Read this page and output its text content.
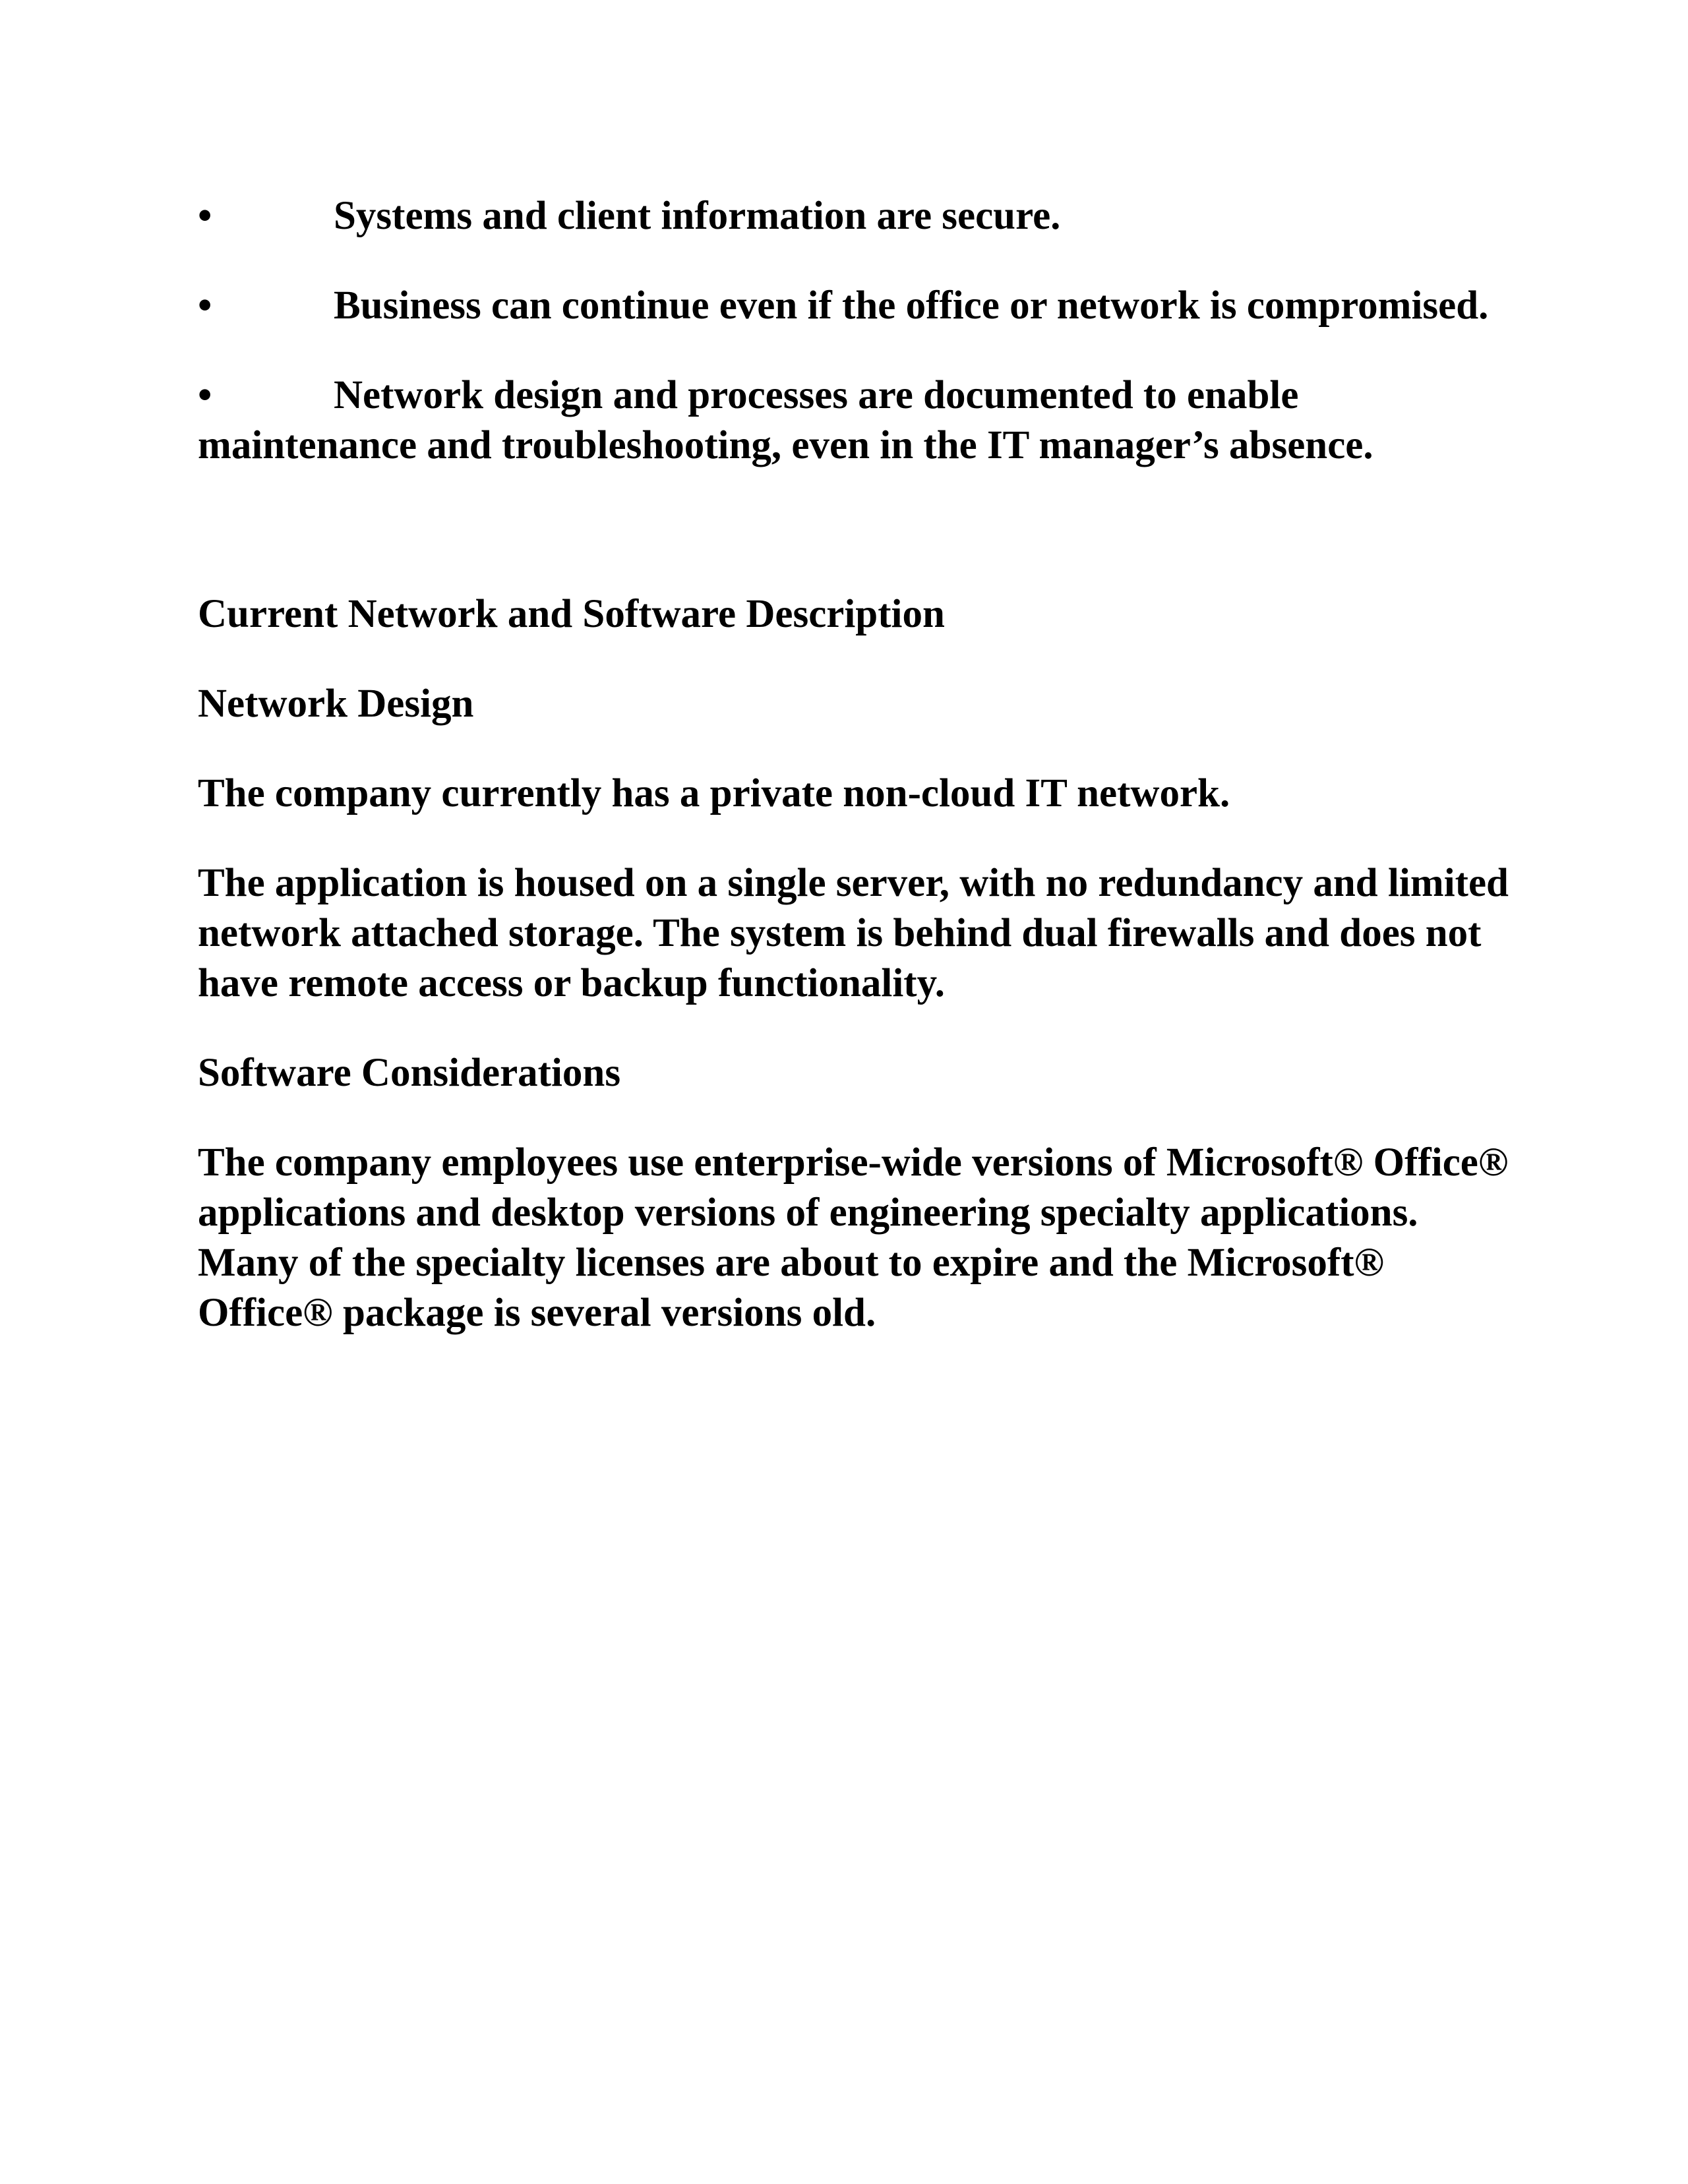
•	Systems and client information are secure.

•	Business can continue even if the office or network is compromised.

•	Network design and processes are documented to enable maintenance and troubleshooting, even in the IT manager’s absence.

Current Network and Software Description

Network Design

The company currently has a private non-cloud IT network.

The application is housed on a single server, with no redundancy and limited network attached storage. The system is behind dual firewalls and does not have remote access or backup functionality.

Software Considerations

The company employees use enterprise-wide versions of Microsoft® Office® applications and desktop versions of engineering specialty applications. Many of the specialty licenses are about to expire and the Microsoft® Office® package is several versions old.
